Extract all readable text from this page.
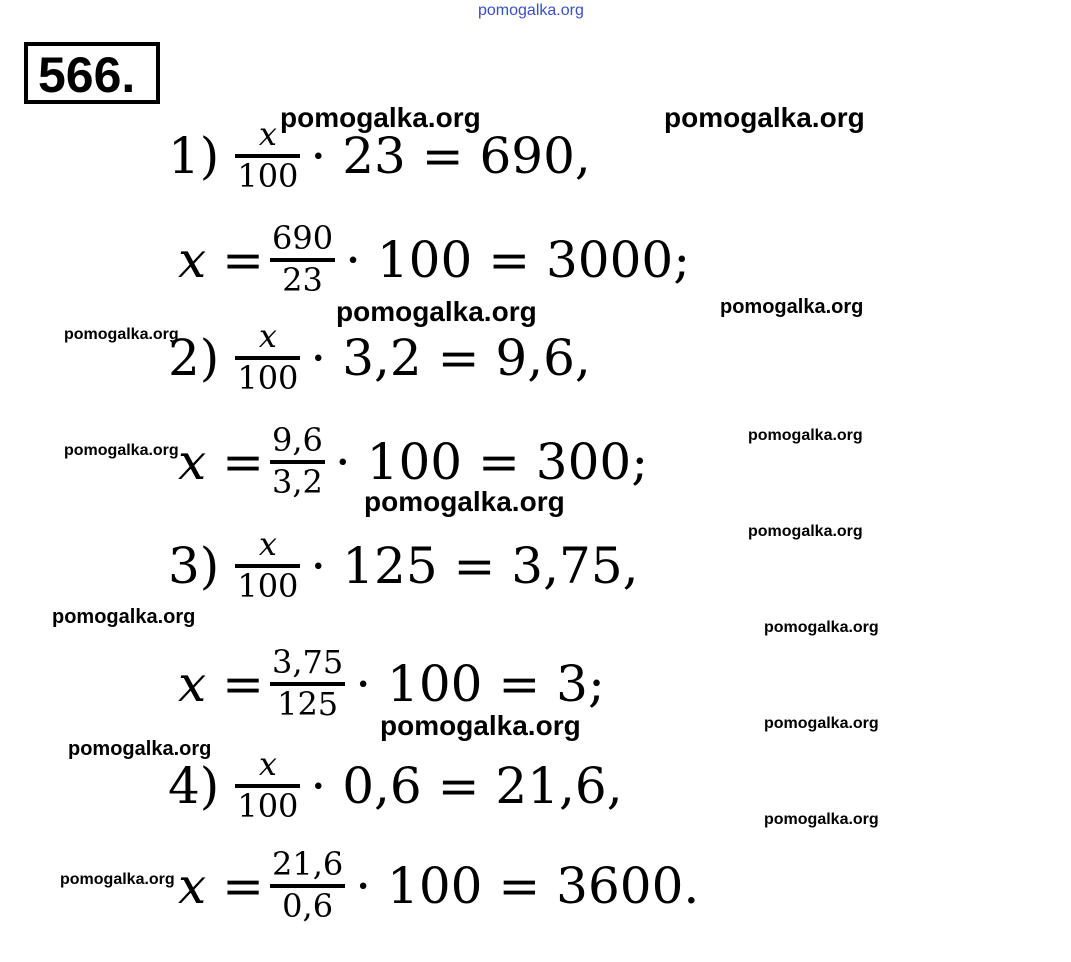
pomogalka.org
566.
$1) \frac{x}{100} \cdot 23 = 690$,
$x = \frac{690}{23} \cdot 100 = 3000$;
$2) \frac{x}{100} \cdot 3,2 = 9,6$,
$x = \frac{9,6}{3,2} \cdot 100 = 300$;
$3) \frac{x}{100} \cdot 125 = 3,75$,
$x = \frac{3,75}{125} \cdot 100 = 3$;
$4) \frac{x}{100} \cdot 0,6 = 21,6$,
$x = \frac{21,6}{0,6} \cdot 100 = 3600$.
pomogalka.org	pomogalka.org
pomogalka.org	pomogalka.org
pomogalka.org
pomogalka.org
pomogalka.org
pomogalka.org
pomogalka.org
pomogalka.org	pomogalka.org
pomogalka.org	pomogalka.org
pomogalka.org
pomogalka.org
pomogalka.org
